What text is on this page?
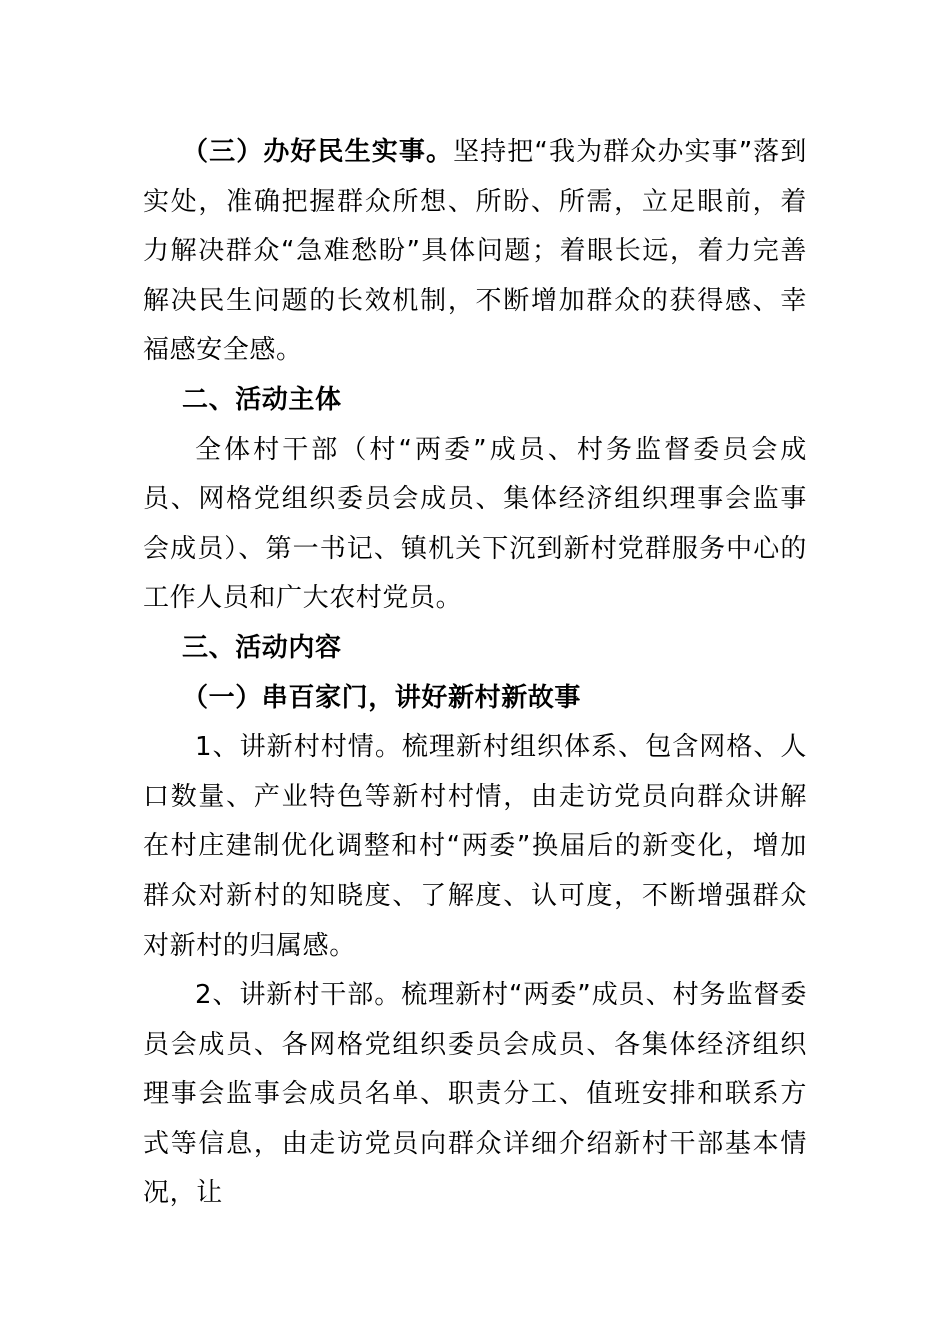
（三）办好民生实事。坚持把“我为群众办实事”落到实处，准确把握群众所想、所盼、所需，立足眼前，着力解决群众“急难愁盼”具体问题；着眼长远，着力完善解决民生问题的长效机制，不断增加群众的获得感、幸福感安全感。

二、活动主体

全体村干部（村“两委”成员、村务监督委员会成员、网格党组织委员会成员、集体经济组织理事会监事会成员）、第一书记、镇机关下沉到新村党群服务中心的工作人员和广大农村党员。

三、活动内容

（一）串百家门，讲好新村新故事

1、讲新村村情。梳理新村组织体系、包含网格、人口数量、产业特色等新村村情，由走访党员向群众讲解在村庄建制优化调整和村“两委”换届后的新变化，增加群众对新村的知晓度、了解度、认可度，不断增强群众对新村的归属感。

2、讲新村干部。梳理新村“两委”成员、村务监督委员会成员、各网格党组织委员会成员、各集体经济组织理事会监事会成员名单、职责分工、值班安排和联系方式等信息，由走访党员向群众详细介绍新村干部基本情况，让
